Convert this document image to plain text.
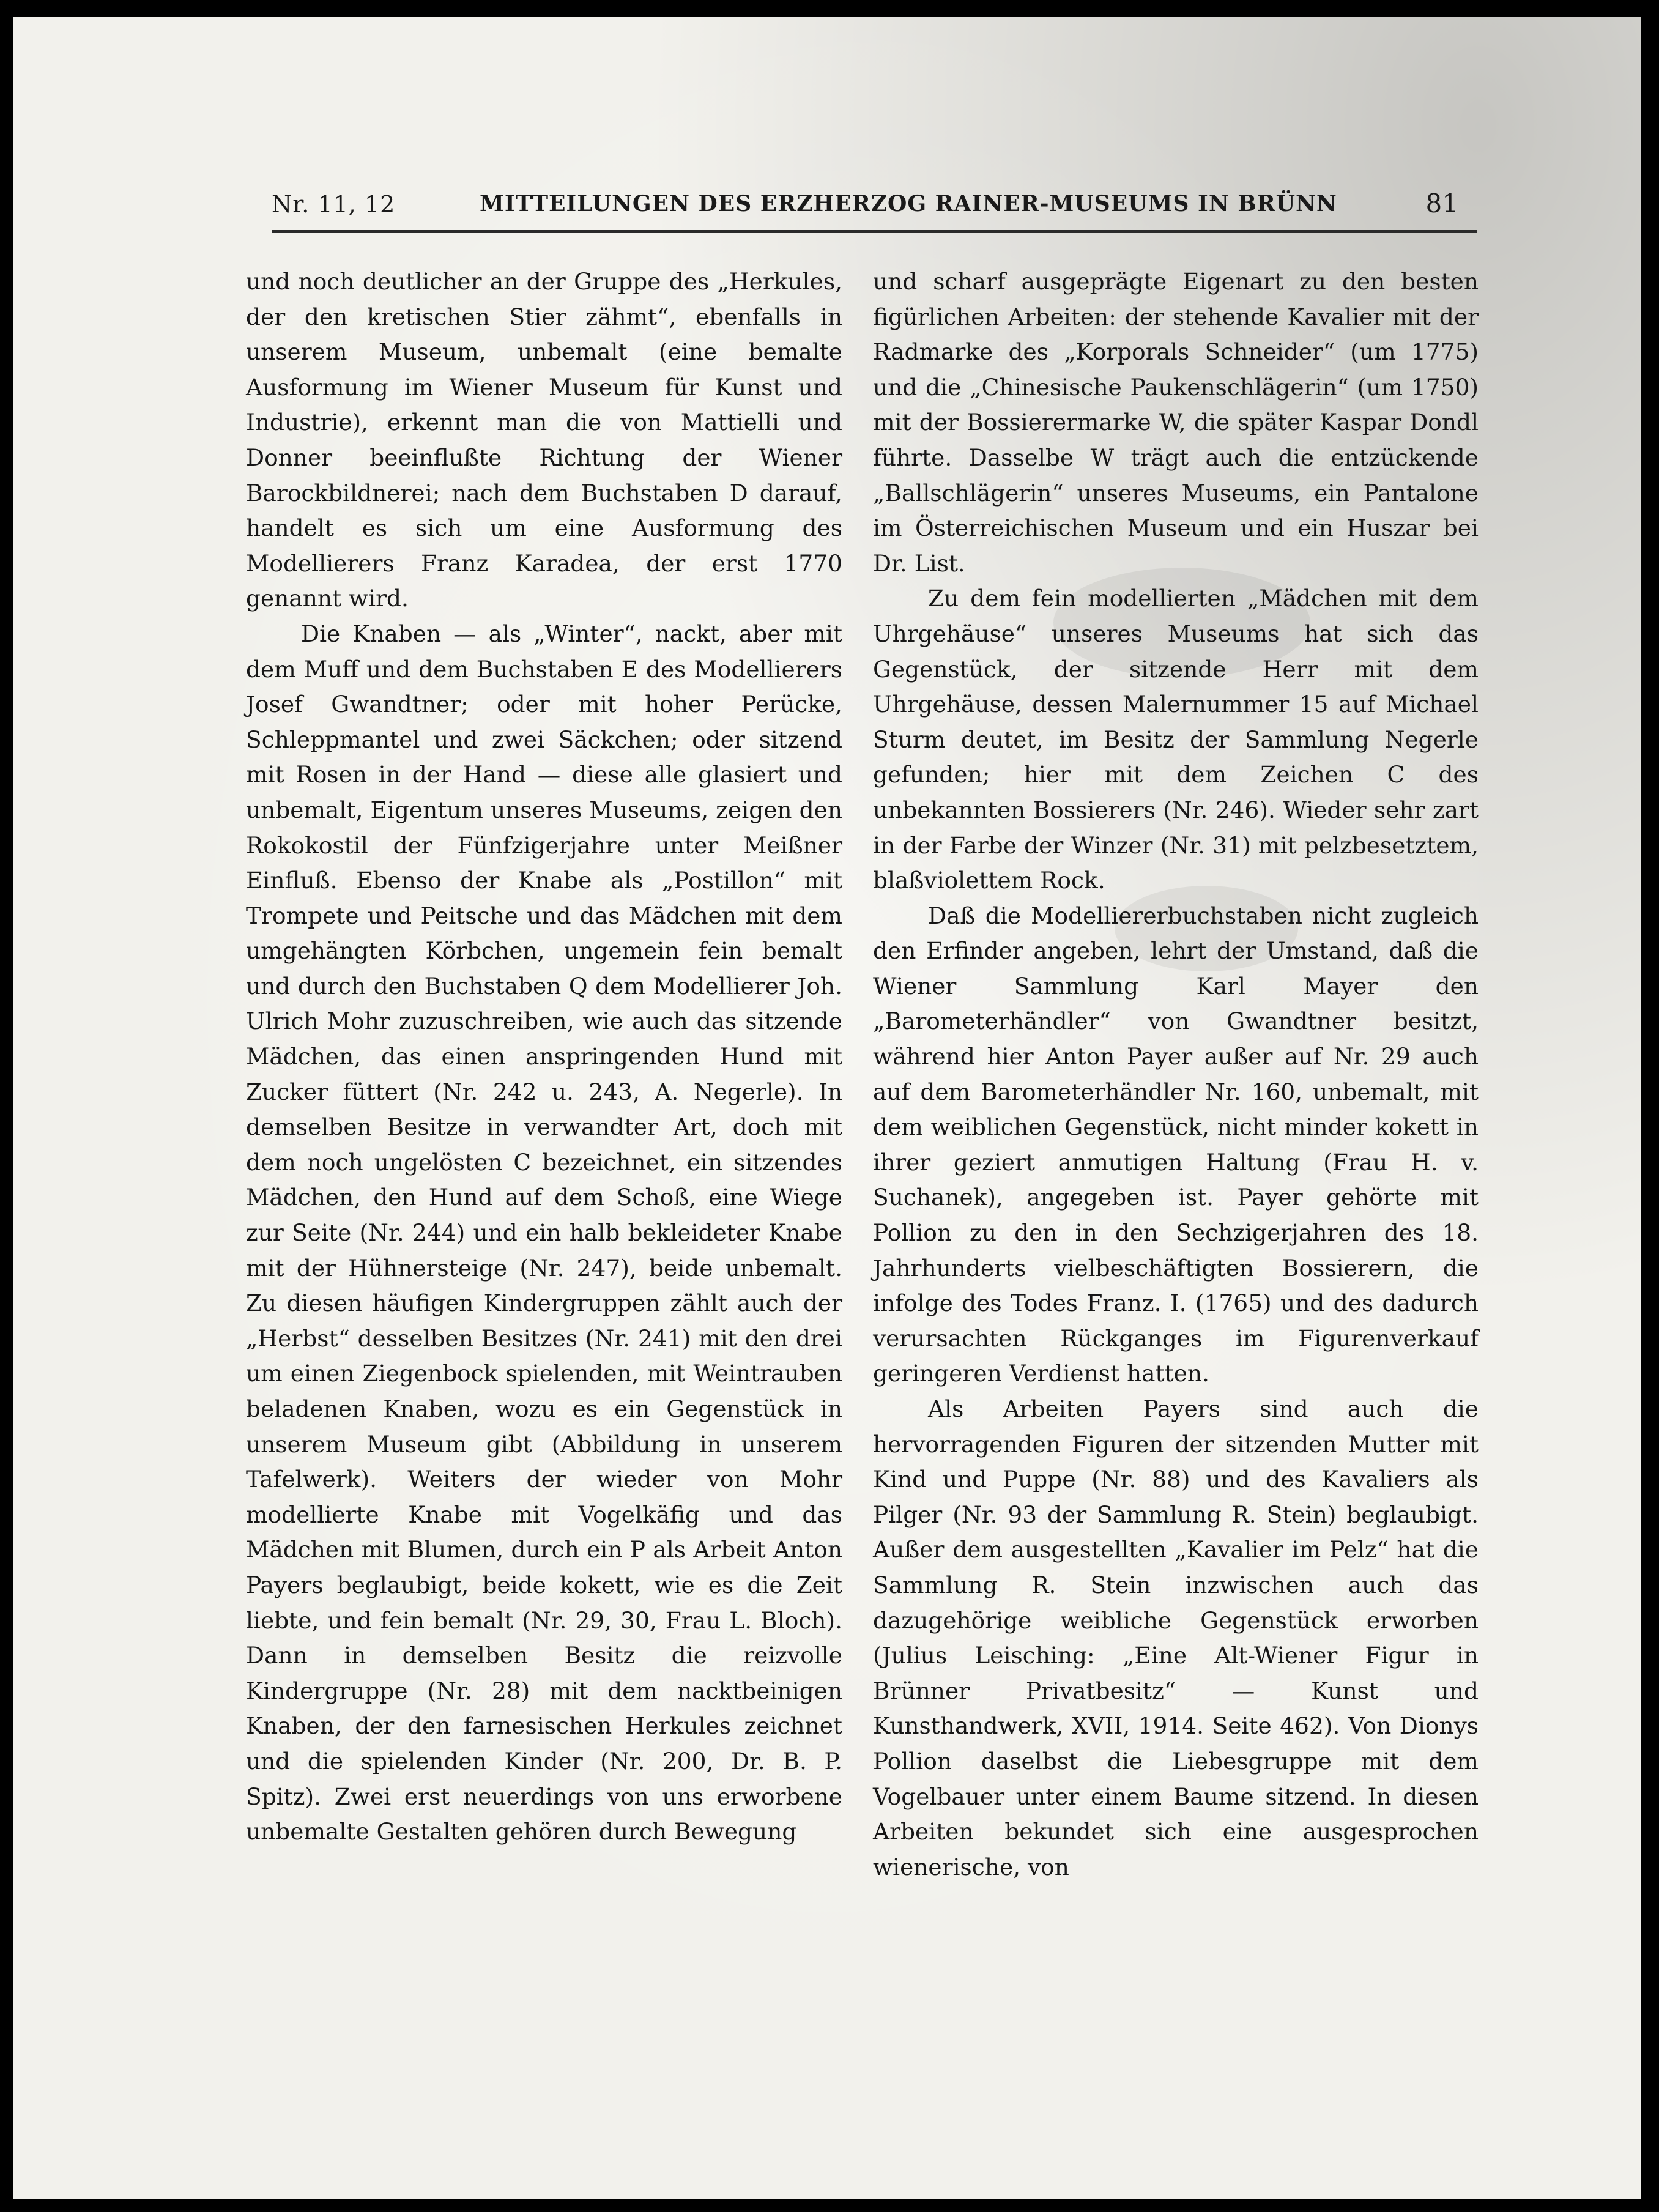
Nr. 11, 12	MITTEILUNGEN DES ERZHERZOG RAINER-MUSEUMS IN BRÜNN	81

und noch deutlicher an der Gruppe des „Herkules, der den kretischen Stier zähmt“, ebenfalls in unserem Museum, unbemalt (eine bemalte Ausformung im Wiener Museum für Kunst und Industrie), erkennt man die von Mattielli und Donner beeinflußte Richtung der Wiener Barockbildnerei; nach dem Buchstaben D darauf, handelt es sich um eine Ausformung des Modellierers Franz Karadea, der erst 1770 genannt wird.

Die Knaben — als „Winter“, nackt, aber mit dem Muff und dem Buchstaben E des Modellierers Josef Gwandtner; oder mit hoher Perücke, Schleppmantel und zwei Säckchen; oder sitzend mit Rosen in der Hand — diese alle glasiert und unbemalt, Eigentum unseres Museums, zeigen den Rokokostil der Fünfzigerjahre unter Meißner Einfluß. Ebenso der Knabe als „Postillon“ mit Trompete und Peitsche und das Mädchen mit dem umgehängten Körbchen, ungemein fein bemalt und durch den Buchstaben Q dem Modellierer Joh. Ulrich Mohr zuzuschreiben, wie auch das sitzende Mädchen, das einen anspringenden Hund mit Zucker füttert (Nr. 242 u. 243, A. Negerle). In demselben Besitze in verwandter Art, doch mit dem noch ungelösten C bezeichnet, ein sitzendes Mädchen, den Hund auf dem Schoß, eine Wiege zur Seite (Nr. 244) und ein halb bekleideter Knabe mit der Hühnersteige (Nr. 247), beide unbemalt. Zu diesen häufigen Kindergruppen zählt auch der „Herbst“ desselben Besitzes (Nr. 241) mit den drei um einen Ziegenbock spielenden, mit Weintrauben beladenen Knaben, wozu es ein Gegenstück in unserem Museum gibt (Abbildung in unserem Tafelwerk). Weiters der wieder von Mohr modellierte Knabe mit Vogelkäfig und das Mädchen mit Blumen, durch ein P als Arbeit Anton Payers beglaubigt, beide kokett, wie es die Zeit liebte, und fein bemalt (Nr. 29, 30, Frau L. Bloch). Dann in demselben Besitz die reizvolle Kindergruppe (Nr. 28) mit dem nacktbeinigen Knaben, der den farnesischen Herkules zeichnet und die spielenden Kinder (Nr. 200, Dr. B. P. Spitz). Zwei erst neuerdings von uns erworbene unbemalte Gestalten gehören durch Bewegung

und scharf ausgeprägte Eigenart zu den besten figürlichen Arbeiten: der stehende Kavalier mit der Radmarke des „Korporals Schneider“ (um 1775) und die „Chinesische Paukenschlägerin“ (um 1750) mit der Bossierermarke W, die später Kaspar Dondl führte. Dasselbe W trägt auch die entzückende „Ballschlägerin“ unseres Museums, ein Pantalone im Österreichischen Museum und ein Huszar bei Dr. List.

Zu dem fein modellierten „Mädchen mit dem Uhrgehäuse“ unseres Museums hat sich das Gegenstück, der sitzende Herr mit dem Uhrgehäuse, dessen Malernummer 15 auf Michael Sturm deutet, im Besitz der Sammlung Negerle gefunden; hier mit dem Zeichen C des unbekannten Bossierers (Nr. 246). Wieder sehr zart in der Farbe der Winzer (Nr. 31) mit pelzbesetztem, blaßviolettem Rock.

Daß die Modelliererbuchstaben nicht zugleich den Erfinder angeben, lehrt der Umstand, daß die Wiener Sammlung Karl Mayer den „Barometerhändler“ von Gwandtner besitzt, während hier Anton Payer außer auf Nr. 29 auch auf dem Barometerhändler Nr. 160, unbemalt, mit dem weiblichen Gegenstück, nicht minder kokett in ihrer geziert anmutigen Haltung (Frau H. v. Suchanek), angegeben ist. Payer gehörte mit Pollion zu den in den Sechzigerjahren des 18. Jahrhunderts vielbeschäftigten Bossierern, die infolge des Todes Franz. I. (1765) und des dadurch verursachten Rückganges im Figurenverkauf geringeren Verdienst hatten.

Als Arbeiten Payers sind auch die hervorragenden Figuren der sitzenden Mutter mit Kind und Puppe (Nr. 88) und des Kavaliers als Pilger (Nr. 93 der Sammlung R. Stein) beglaubigt. Außer dem ausgestellten „Kavalier im Pelz“ hat die Sammlung R. Stein inzwischen auch das dazugehörige weibliche Gegenstück erworben (Julius Leisching: „Eine Alt-Wiener Figur in Brünner Privatbesitz“ — Kunst und Kunsthandwerk, XVII, 1914. Seite 462). Von Dionys Pollion daselbst die Liebesgruppe mit dem Vogelbauer unter einem Baume sitzend. In diesen Arbeiten bekundet sich eine ausgesprochen wienerische, von
